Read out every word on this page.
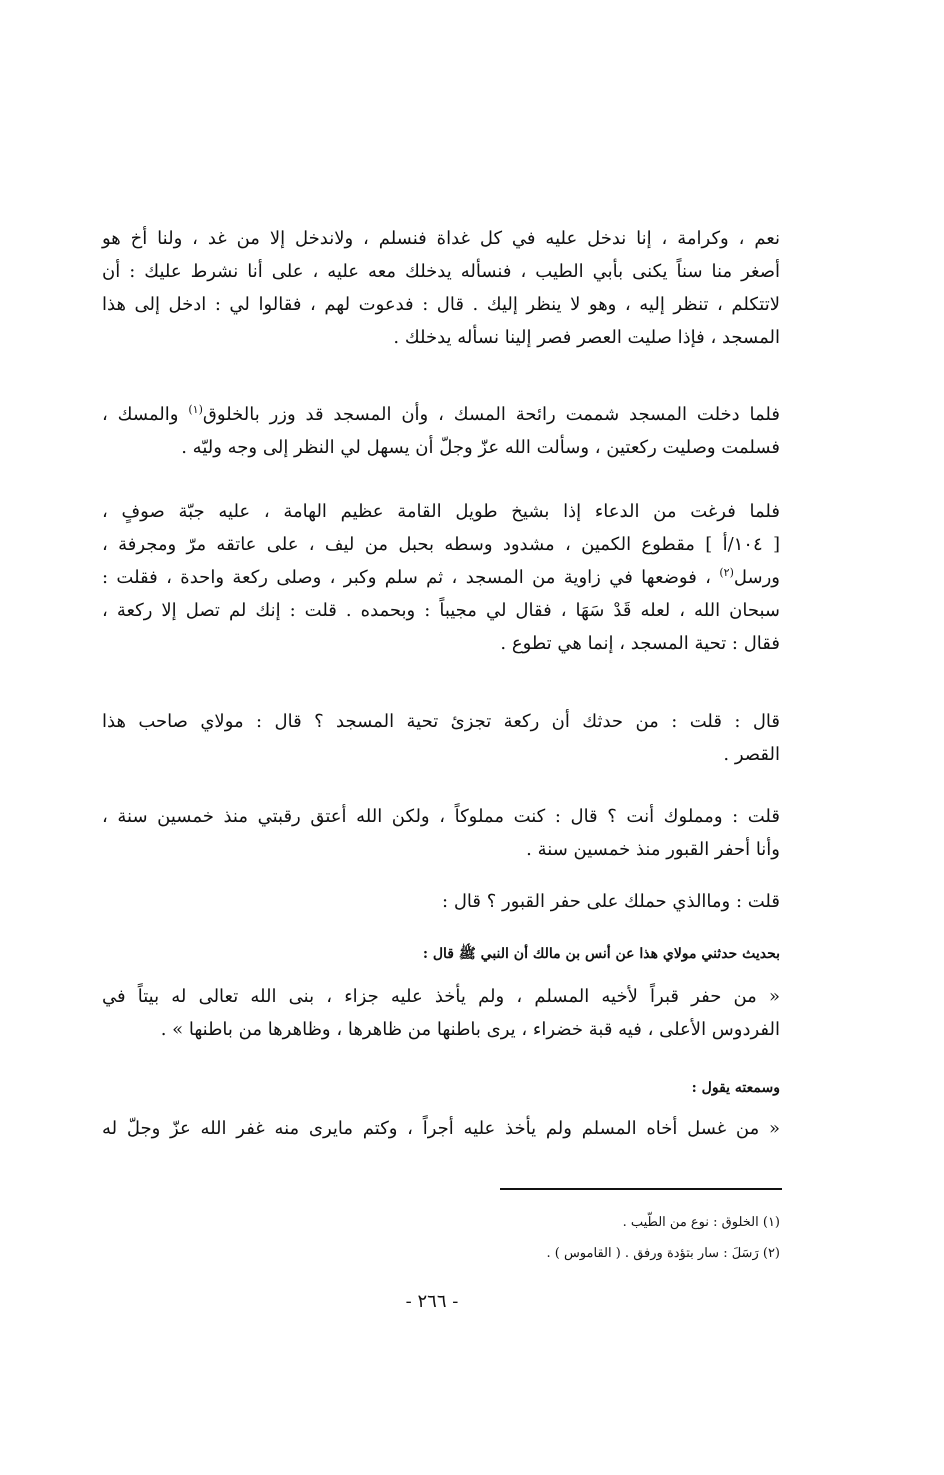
نعم ، وكرامة ، إنا ندخل عليه في كل غداة فنسلم ، ولاندخل إلا من غد ، ولنا أخ هو
أصغر منا سناً يكنى بأبي الطيب ، فنسأله يدخلك معه عليه ، على أنا نشرط عليك : أن
لاتتكلم ، تنظر إليه ، وهو لا ينظر إليك . قال : فدعوت لهم ، فقالوا لي : ادخل إلى هذا
المسجد ، فإذا صليت العصر فصر إلينا نسأله يدخلك .
فلما دخلت المسجد شممت رائحة المسك ، وأن المسجد قد وزر بالخلوق$^{(١)}$ والمسك ،
فسلمت وصليت ركعتين ، وسألت الله عزّ وجلّ أن يسهل لي النظر إلى وجه وليّه .
فلما فرغت من الدعاء إذا بشيخ طويل القامة عظيم الهامة ، عليه جبّة صوفٍ ،
[ ١٠٤/أ ] مقطوع الكمين ، مشدود وسطه بحبل من ليف ، على عاتقه مرّ ومجرفة ،
ورسل$^{(٢)}$ ، فوضعها في زاوية من المسجد ، ثم سلم وكبر ، وصلى ركعة واحدة ، فقلت :
سبحان الله ، لعله قَدْ سَهَا ، فقال لي مجيباً : وبحمده . قلت : إنك لم تصل إلا ركعة ،
فقال : تحية المسجد ، إنما هي تطوع .
قال : قلت : من حدثك أن ركعة تجزئ تحية المسجد ؟ قال : مولاي صاحب هذا
القصر .
قلت : ومملوك أنت ؟ قال : كنت مملوكاً ، ولكن الله أعتق رقبتي منذ خمسين سنة ،
وأنا أحفر القبور منذ خمسين سنة .
قلت : وماالذي حملك على حفر القبور ؟ قال :
بحديث حدثني مولاي هذا عن أنس بن مالك أن النبي ﷺ قال :
« من حفر قبراً لأخيه المسلم ، ولم يأخذ عليه جزاء ، بنى الله تعالى له بيتاً في
الفردوس الأعلى ، فيه قبة خضراء ، يرى باطنها من ظاهرها ، وظاهرها من باطنها » .
وسمعته يقول :
« من غسل أخاه المسلم ولم يأخذ عليه أجراً ، وكتم مايرى منه غفر الله عزّ وجلّ له
(١) الخلوق : نوع من الطّيب .
(٢) رَسَلَ : سار بتؤدة ورفق . ( القاموس ) .
- ٢٦٦ -
